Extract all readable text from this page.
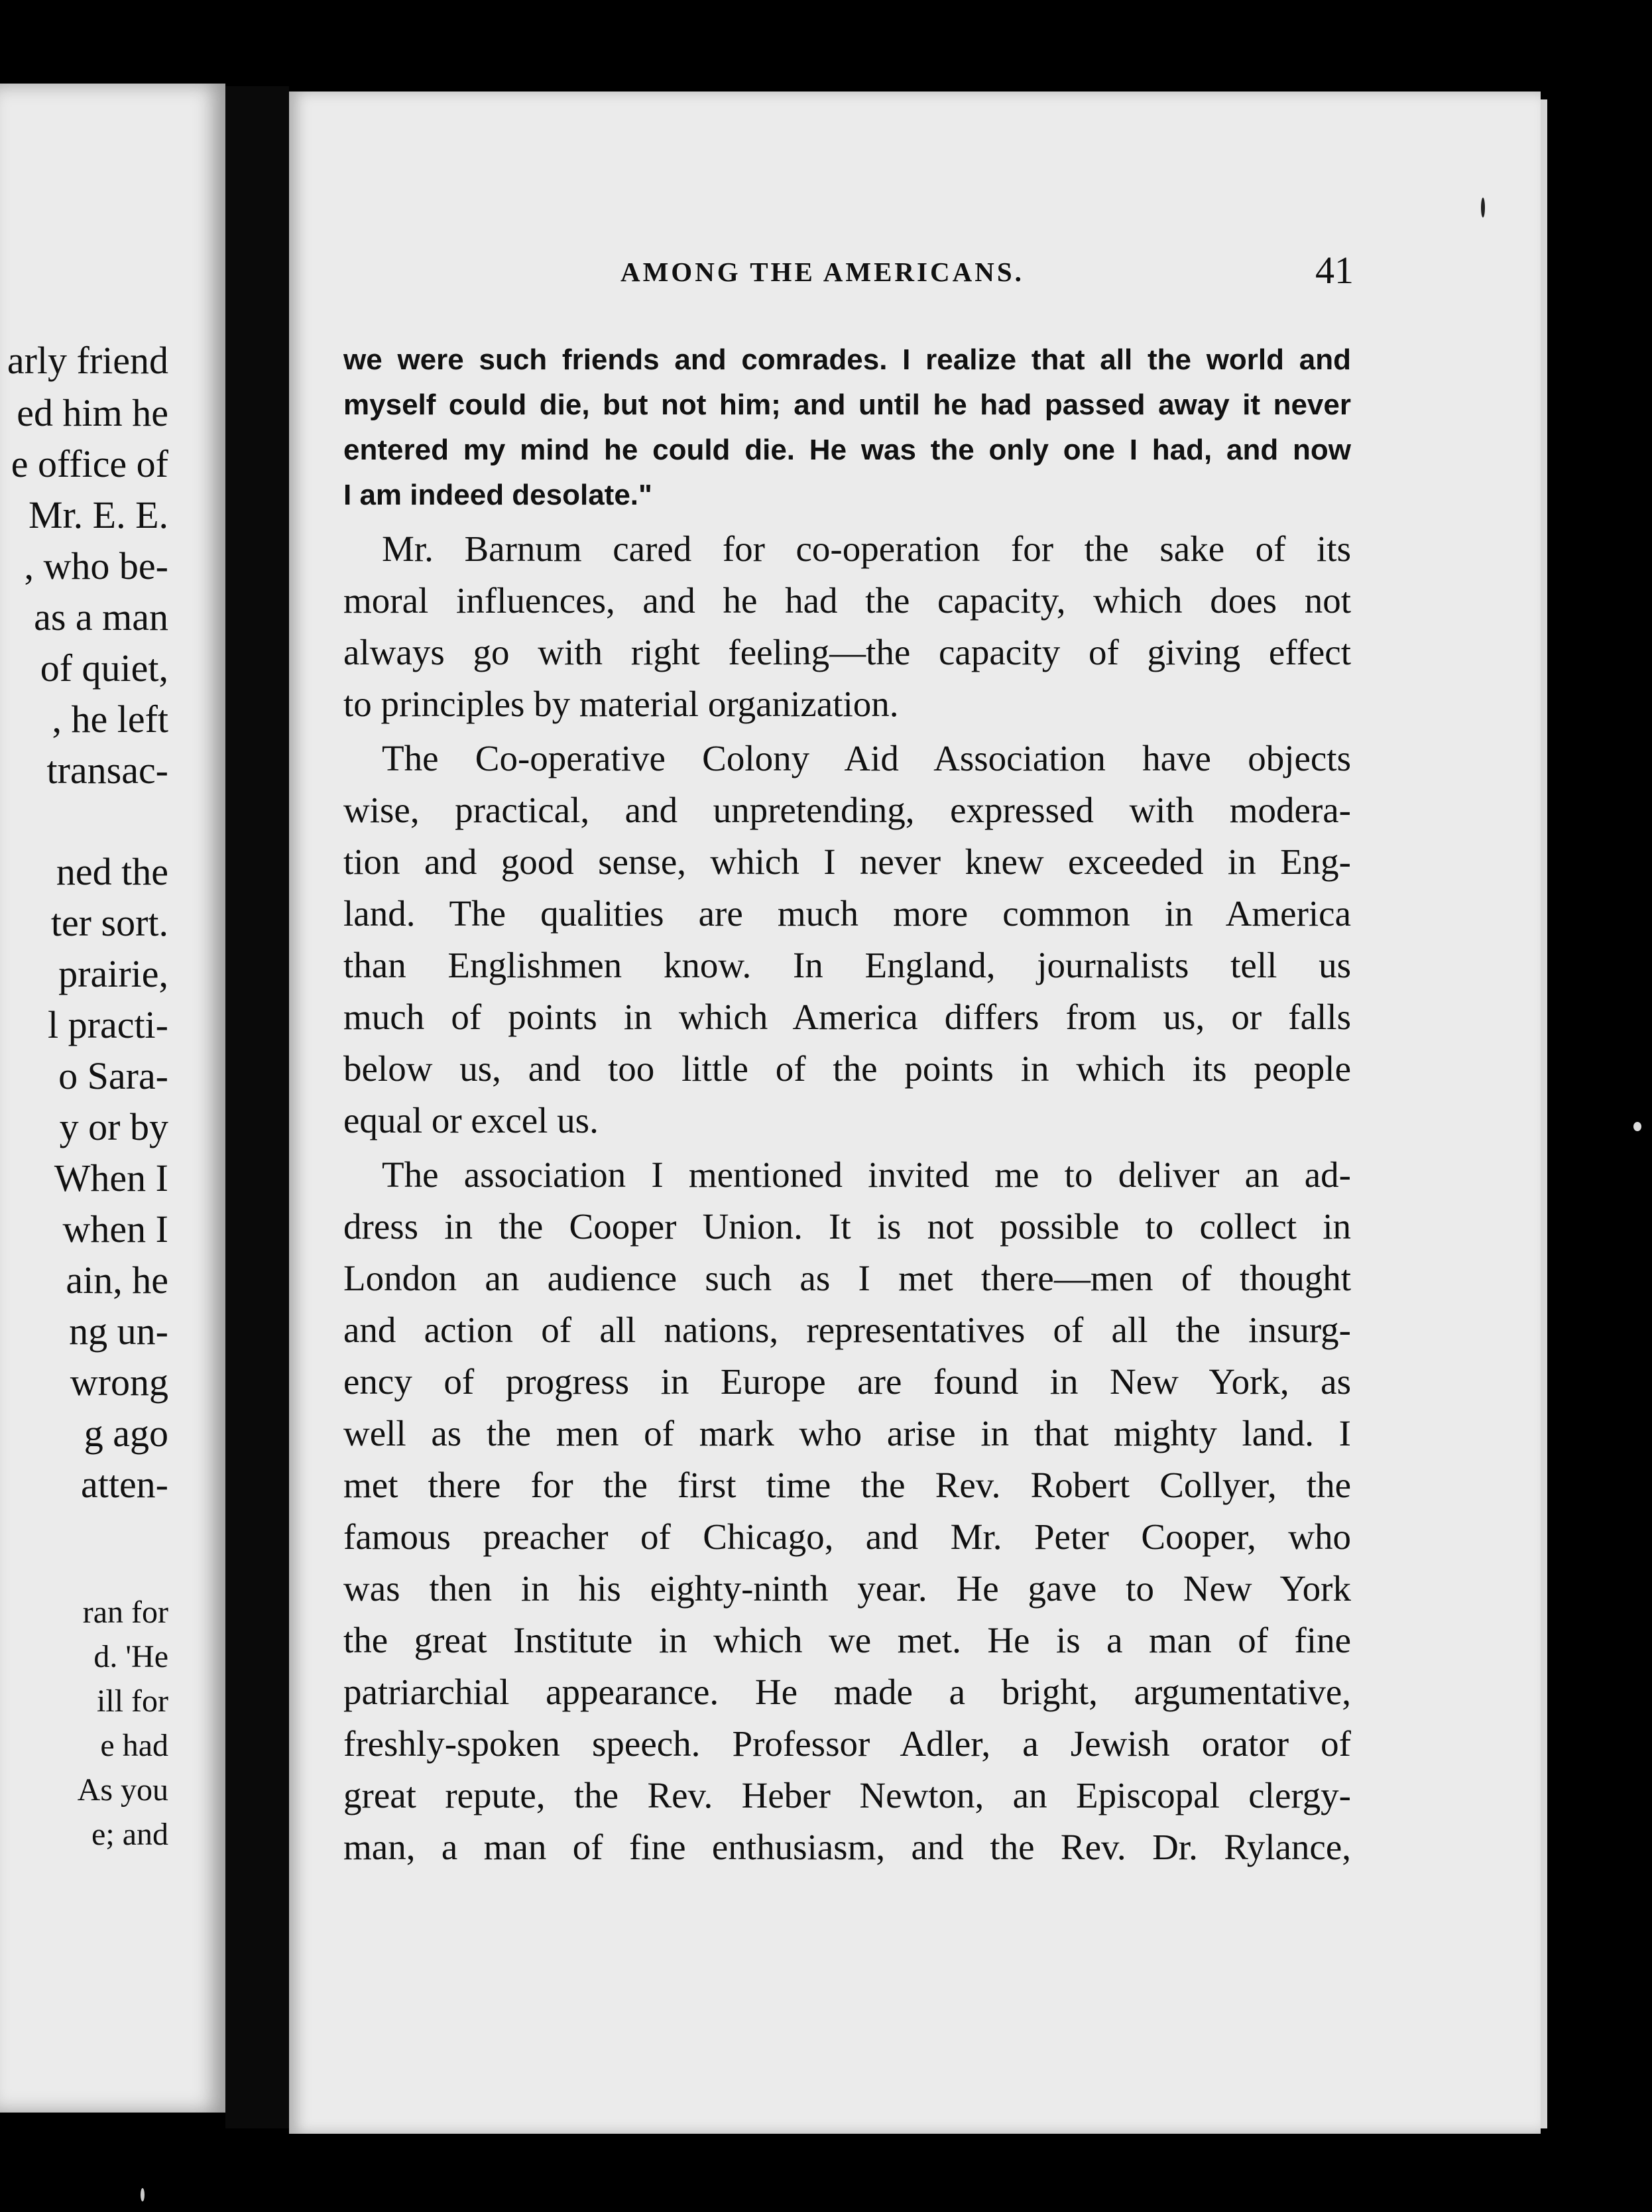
arly friend
ed him he
e office of
Mr. E. E.
, who be-
as a man
of quiet,
, he left
transac-
ned the
ter sort.
prairie,
l practi-
o Sara-
y or by
When I
when I
ain, he
ng un-
wrong
g ago
atten-
ran for
d. 'He
ill for
e had
As you
e; and
AMONG THE AMERICANS.	41
we were such friends and comrades. I realize that all the world and
myself could die, but not him; and until he had passed away it never
entered my mind he could die. He was the only one I had, and now
I am indeed desolate."
Mr. Barnum cared for co-operation for the sake of its
moral influences, and he had the capacity, which does not
always go with right feeling—the capacity of giving effect
to principles by material organization.
The Co-operative Colony Aid Association have objects
wise, practical, and unpretending, expressed with modera-
tion and good sense, which I never knew exceeded in Eng-
land. The qualities are much more common in America
than Englishmen know. In England, journalists tell us
much of points in which America differs from us, or falls
below us, and too little of the points in which its people
equal or excel us.
The association I mentioned invited me to deliver an ad-
dress in the Cooper Union. It is not possible to collect in
London an audience such as I met there—men of thought
and action of all nations, representatives of all the insurg-
ency of progress in Europe are found in New York, as
well as the men of mark who arise in that mighty land. I
met there for the first time the Rev. Robert Collyer, the
famous preacher of Chicago, and Mr. Peter Cooper, who
was then in his eighty-ninth year. He gave to New York
the great Institute in which we met. He is a man of fine
patriarchial appearance. He made a bright, argumentative,
freshly-spoken speech. Professor Adler, a Jewish orator of
great repute, the Rev. Heber Newton, an Episcopal clergy-
man, a man of fine enthusiasm, and the Rev. Dr. Rylance,
